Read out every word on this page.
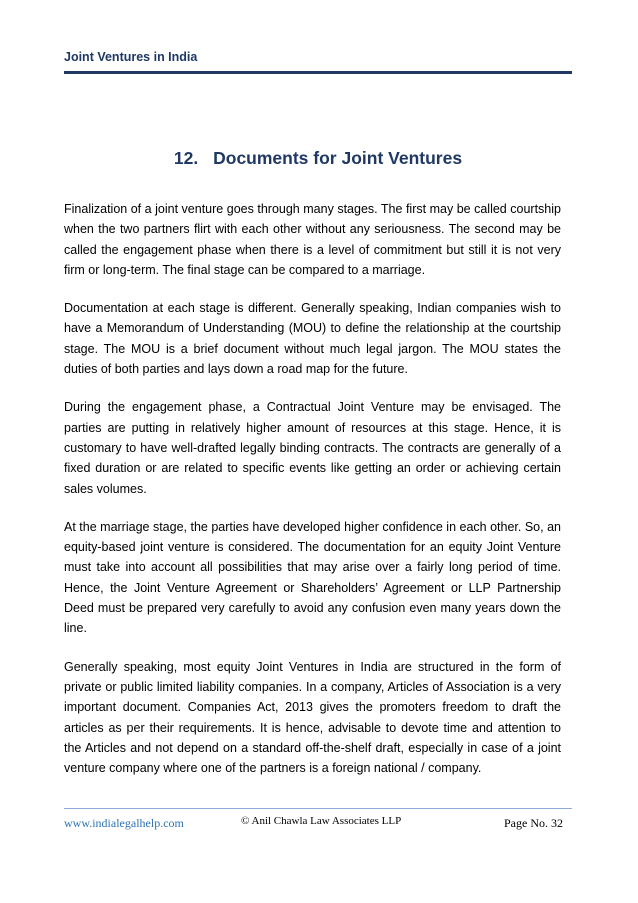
Joint Ventures in India
12. Documents for Joint Ventures

Finalization of a joint venture goes through many stages. The first may be called courtship when the two partners flirt with each other without any seriousness. The second may be called the engagement phase when there is a level of commitment but still it is not very firm or long-term. The final stage can be compared to a marriage.

Documentation at each stage is different. Generally speaking, Indian companies wish to have a Memorandum of Understanding (MOU) to define the relationship at the courtship stage. The MOU is a brief document without much legal jargon. The MOU states the duties of both parties and lays down a road map for the future.

During the engagement phase, a Contractual Joint Venture may be envisaged. The parties are putting in relatively higher amount of resources at this stage. Hence, it is customary to have well-drafted legally binding contracts. The contracts are generally of a fixed duration or are related to specific events like getting an order or achieving certain sales volumes.

At the marriage stage, the parties have developed higher confidence in each other. So, an equity-based joint venture is considered. The documentation for an equity Joint Venture must take into account all possibilities that may arise over a fairly long period of time. Hence, the Joint Venture Agreement or Shareholders’ Agreement or LLP Partnership Deed must be prepared very carefully to avoid any confusion even many years down the line.

Generally speaking, most equity Joint Ventures in India are structured in the form of private or public limited liability companies. In a company, Articles of Association is a very important document. Companies Act, 2013 gives the promoters freedom to draft the articles as per their requirements. It is hence, advisable to devote time and attention to the Articles and not depend on a standard off-the-shelf draft, especially in case of a joint venture company where one of the partners is a foreign national / company.

www.indialegalhelp.com	© Anil Chawla Law Associates LLP	Page No. 32
